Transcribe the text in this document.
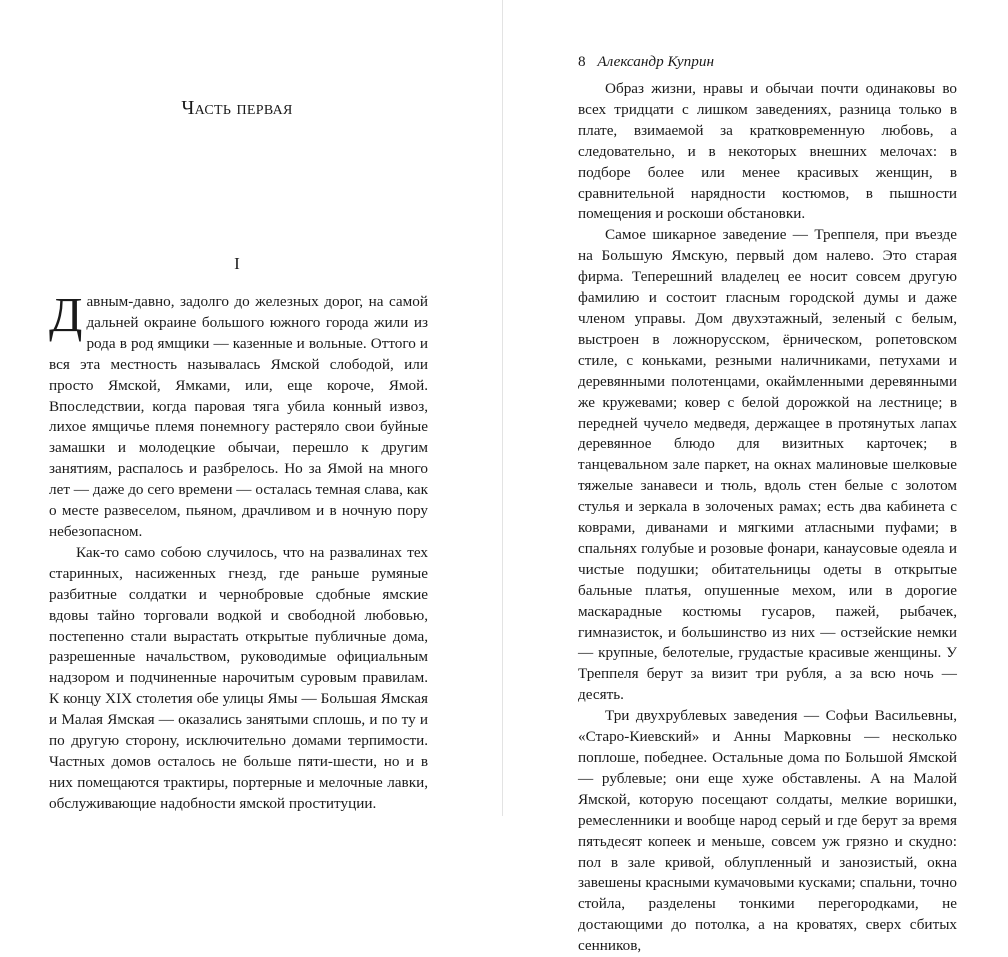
Часть первая
I

Давным-давно, задолго до железных дорог, на самой дальней окраине большого южного города жили из рода в род ямщики — казенные и вольные. Оттого и вся эта местность называлась Ямской слободой, или просто Ямской, Ямками, или, еще короче, Ямой. Впоследствии, когда паровая тяга убила конный извоз, лихое ямщичье племя понемногу растеряло свои буйные замашки и молодецкие обычаи, перешло к другим занятиям, распалось и разбрелось. Но за Ямой на много лет — даже до сего времени — осталась темная слава, как о месте развеселом, пьяном, драчливом и в ночную пору небезопасном.

Как-то само собою случилось, что на развалинах тех старинных, насиженных гнезд, где раньше румяные разбитные солдатки и чернобровые сдобные ямские вдовы тайно торговали водкой и свободной любовью, постепенно стали вырастать открытые публичные дома, разрешенные начальством, руководимые официальным надзором и подчиненные нарочитым суровым правилам. К концу XIX столетия обе улицы Ямы — Большая Ямская и Малая Ямская — оказались занятыми сплошь, и по ту и по другую сторону, исключительно домами терпимости. Частных домов осталось не больше пяти-шести, но и в них помещаются трактиры, портерные и мелочные лавки, обслуживающие надобности ямской проституции.

8 Александр Куприн

Образ жизни, нравы и обычаи почти одинаковы во всех тридцати с лишком заведениях, разница только в плате, взимаемой за кратковременную любовь, а следовательно, и в некоторых внешних мелочах: в подборе более или менее красивых женщин, в сравнительной нарядности костюмов, в пышности помещения и роскоши обстановки.

Самое шикарное заведение — Треппеля, при въезде на Большую Ямскую, первый дом налево. Это старая фирма. Теперешний владелец ее носит совсем другую фамилию и состоит гласным городской думы и даже членом управы. Дом двухэтажный, зеленый с белым, выстроен в ложнорусском, ёрническом, ропетовском стиле, с коньками, резными наличниками, петухами и деревянными полотенцами, окаймленными деревянными же кружевами; ковер с белой дорожкой на лестнице; в передней чучело медведя, держащее в протянутых лапах деревянное блюдо для визитных карточек; в танцевальном зале паркет, на окнах малиновые шелковые тяжелые занавеси и тюль, вдоль стен белые с золотом стулья и зеркала в золоченых рамах; есть два кабинета с коврами, диванами и мягкими атласными пуфами; в спальнях голубые и розовые фонари, канаусовые одеяла и чистые подушки; обитательницы одеты в открытые бальные платья, опушенные мехом, или в дорогие маскарадные костюмы гусаров, пажей, рыбачек, гимназисток, и большинство из них — остзейские немки — крупные, белотелые, грудастые красивые женщины. У Треппеля берут за визит три рубля, а за всю ночь — десять.

Три двухрублевых заведения — Софьи Васильевны, «Старо-Киевский» и Анны Марковны — несколько поплоше, победнее. Остальные дома по Большой Ямской — рублевые; они еще хуже обставлены. А на Малой Ямской, которую посещают солдаты, мелкие воришки, ремесленники и вообще народ серый и где берут за время пятьдесят копеек и меньше, совсем уж грязно и скудно: пол в зале кривой, облупленный и занозистый, окна завешены красными кумачовыми кусками; спальни, точно стойла, разделены тонкими перегородками, не достающими до потолка, а на кроватях, сверх сбитых сенников,
